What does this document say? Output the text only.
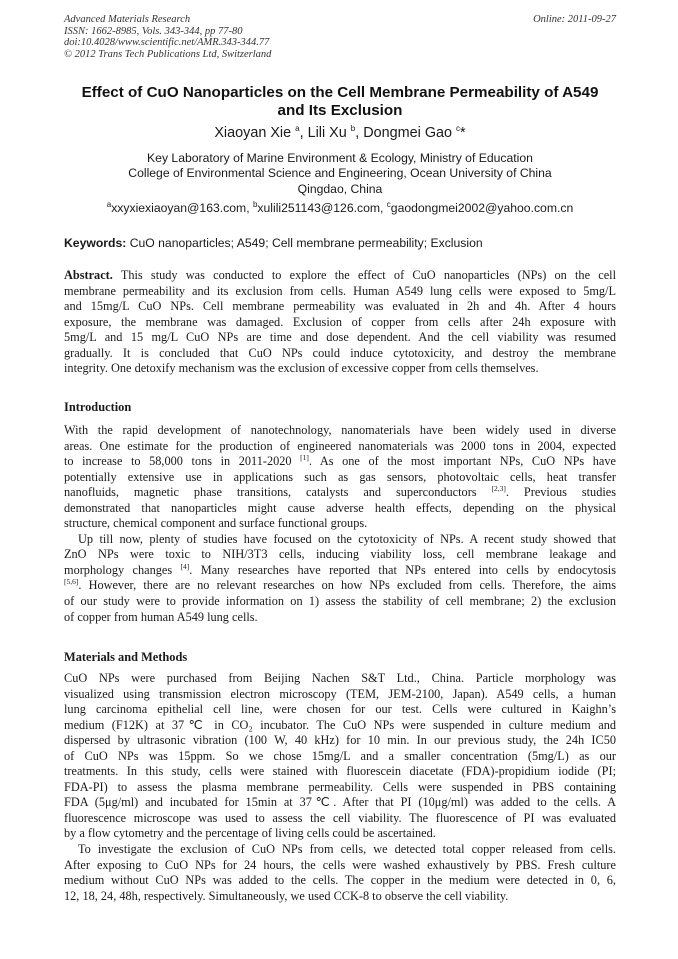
Advanced Materials Research
ISSN: 1662-8985, Vols. 343-344, pp 77-80
doi:10.4028/www.scientific.net/AMR.343-344.77
© 2012 Trans Tech Publications Ltd, Switzerland
Online: 2011-09-27
Effect of CuO Nanoparticles on the Cell Membrane Permeability of A549
and Its Exclusion
Xiaoyan Xie $^a$, Lili Xu $^b$, Dongmei Gao $^c$*
Key Laboratory of Marine Environment & Ecology, Ministry of Education
College of Environmental Science and Engineering, Ocean University of China
Qingdao, China
$^a$xxyxiexiaoyan@163.com, $^b$xulili251143@126.com, $^c$gaodongmei2002@yahoo.com.cn
Keywords: CuO nanoparticles; A549; Cell membrane permeability; Exclusion
Abstract. This study was conducted to explore the effect of CuO nanoparticles (NPs) on the cell
membrane permeability and its exclusion from cells. Human A549 lung cells were exposed to 5mg/L
and 15mg/L CuO NPs. Cell membrane permeability was evaluated in 2h and 4h. After 4 hours
exposure, the membrane was damaged. Exclusion of copper from cells after 24h exposure with
5mg/L and 15 mg/L CuO NPs are time and dose dependent. And the cell viability was resumed
gradually. It is concluded that CuO NPs could induce cytotoxicity, and destroy the membrane
integrity. One detoxify mechanism was the exclusion of excessive copper from cells themselves.
Introduction
With the rapid development of nanotechnology, nanomaterials have been widely used in diverse
areas. One estimate for the production of engineered nanomaterials was 2000 tons in 2004, expected
to increase to 58,000 tons in 2011-2020 [1]. As one of the most important NPs, CuO NPs have
potentially extensive use in applications such as gas sensors, photovoltaic cells, heat transfer
nanofluids, magnetic phase transitions, catalysts and superconductors [2,3]. Previous studies
demonstrated that nanoparticles might cause adverse health effects, depending on the physical
structure, chemical component and surface functional groups.
Up till now, plenty of studies have focused on the cytotoxicity of NPs. A recent study showed that
ZnO NPs were toxic to NIH/3T3 cells, inducing viability loss, cell membrane leakage and
morphology changes [4]. Many researches have reported that NPs entered into cells by endocytosis
[5,6]. However, there are no relevant researches on how NPs excluded from cells. Therefore, the aims
of our study were to provide information on 1) assess the stability of cell membrane; 2) the exclusion
of copper from human A549 lung cells.
Materials and Methods
CuO NPs were purchased from Beijing Nachen S&T Ltd., China. Particle morphology was
visualized using transmission electron microscopy (TEM, JEM-2100, Japan). A549 cells, a human
lung carcinoma epithelial cell line, were chosen for our test. Cells were cultured in Kaighn’s
medium (F12K) at 37℃ in CO₂ incubator. The CuO NPs were suspended in culture medium and
dispersed by ultrasonic vibration (100 W, 40 kHz) for 10 min. In our previous study, the 24h IC50
of CuO NPs was 15ppm. So we chose 15mg/L and a smaller concentration (5mg/L) as our
treatments. In this study, cells were stained with fluorescein diacetate (FDA)-propidium iodide (PI;
FDA-PI) to assess the plasma membrane permeability. Cells were suspended in PBS containing
FDA (5μg/ml) and incubated for 15min at 37℃. After that PI (10μg/ml) was added to the cells. A
fluorescence microscope was used to assess the cell viability. The fluorescence of PI was evaluated
by a flow cytometry and the percentage of living cells could be ascertained.
To investigate the exclusion of CuO NPs from cells, we detected total copper released from cells.
After exposing to CuO NPs for 24 hours, the cells were washed exhaustively by PBS. Fresh culture
medium without CuO NPs was added to the cells. The copper in the medium were detected in 0, 6,
12, 18, 24, 48h, respectively. Simultaneously, we used CCK-8 to observe the cell viability.
